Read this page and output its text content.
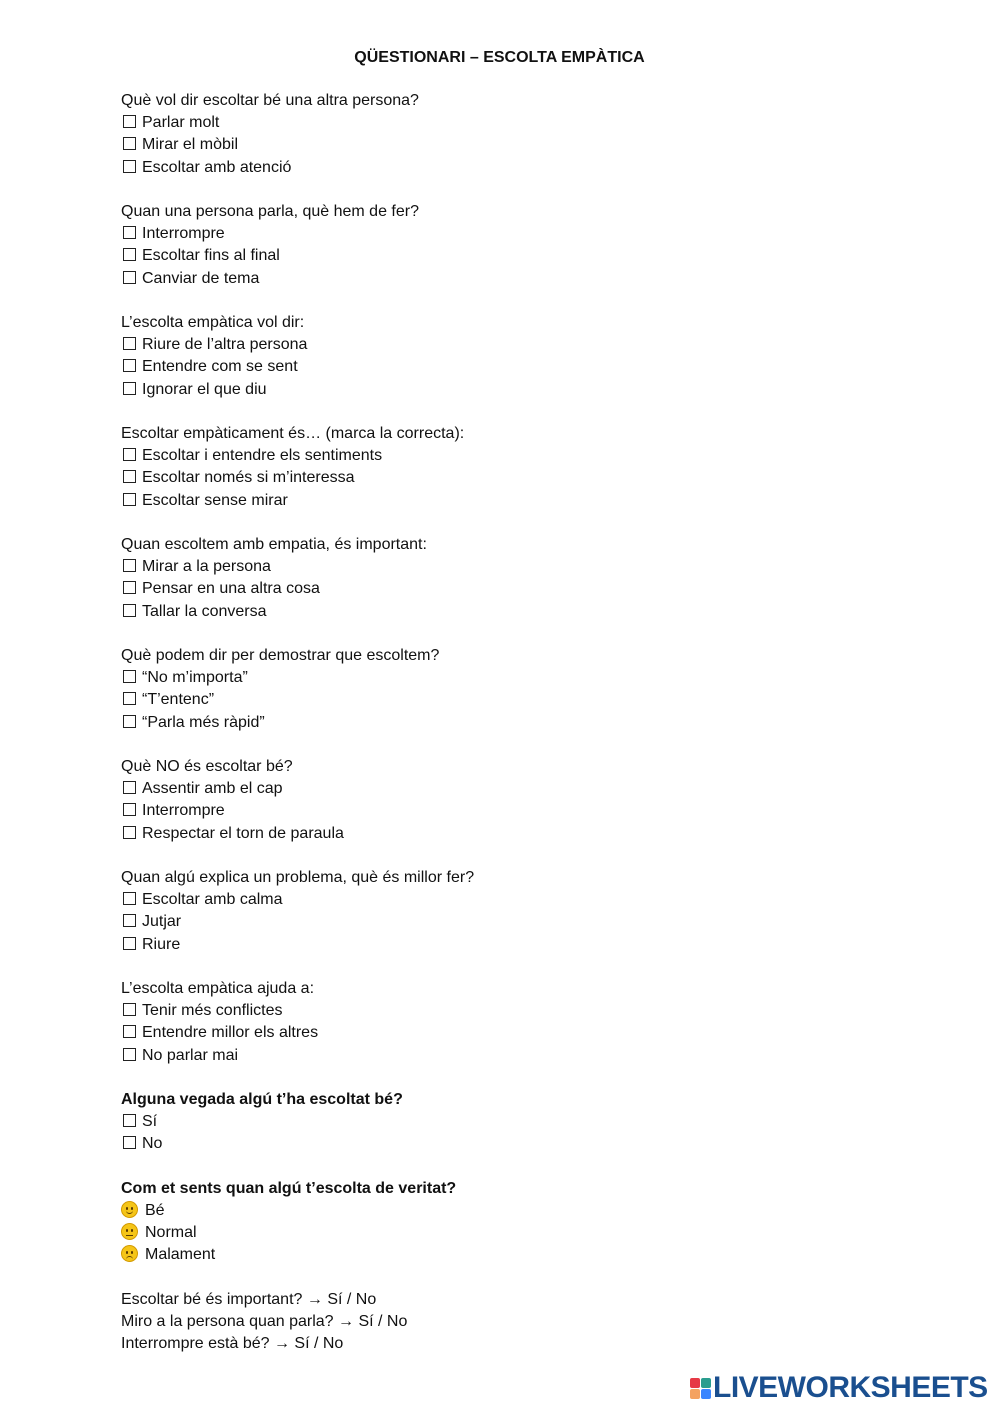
QÜESTIONARI – ESCOLTA EMPÀTICA
Què vol dir escoltar bé una altra persona?
Parlar molt
Mirar el mòbil
Escoltar amb atenció
Quan una persona parla, què hem de fer?
Interrompre
Escoltar fins al final
Canviar de tema
L’escolta empàtica vol dir:
Riure de l’altra persona
Entendre com se sent
Ignorar el que diu
Escoltar empàticament és… (marca la correcta):
Escoltar i entendre els sentiments
Escoltar només si m’interessa
Escoltar sense mirar
Quan escoltem amb empatia, és important:
Mirar a la persona
Pensar en una altra cosa
Tallar la conversa
Què podem dir per demostrar que escoltem?
“No m’importa”
“T’entenc”
“Parla més ràpid”
Què NO és escoltar bé?
Assentir amb el cap
Interrompre
Respectar el torn de paraula
Quan algú explica un problema, què és millor fer?
Escoltar amb calma
Jutjar
Riure
L’escolta empàtica ajuda a:
Tenir més conflictes
Entendre millor els altres
No parlar mai
Alguna vegada algú t’ha escoltat bé?
Sí
No
Com et sents quan algú t’escolta de veritat?
Bé
Normal
Malament
Escoltar bé és important? → Sí / No
Miro a la persona quan parla? → Sí / No
Interrompre està bé? → Sí / No
LIVEWORKSHEETS
